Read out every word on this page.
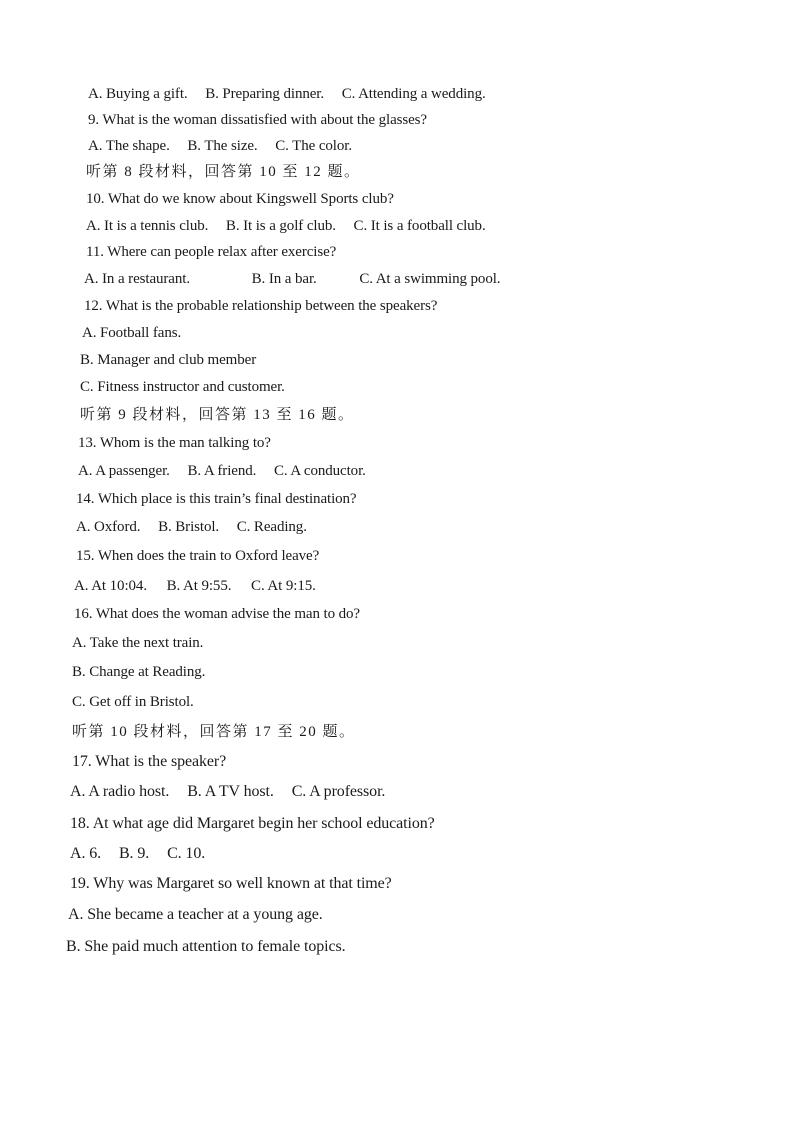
A. Buying a gift. B. Preparing dinner. C. Attending a wedding.
9. What is the woman dissatisfied with about the glasses?
A. The shape. B. The size. C. The color.
听第 8 段材料，回答第 10 至 12 题。
10. What do we know about Kingswell Sports club?
A. It is a tennis club. B. It is a golf club. C. It is a football club.
11. Where can people relax after exercise?
A. In a restaurant.	B. In a bar.	C. At a swimming pool.
12. What is the probable relationship between the speakers?
A. Football fans.
B. Manager and club member
C. Fitness instructor and customer.
听第 9 段材料，回答第 13 至 16 题。
13. Whom is the man talking to?
A. A passenger. B. A friend. C. A conductor.
14. Which place is this train’s final destination?
A. Oxford. B. Bristol. C. Reading.
15. When does the train to Oxford leave?
A. At 10:04. B. At 9:55. C. At 9:15.
16. What does the woman advise the man to do?
A. Take the next train.
B. Change at Reading.
C. Get off in Bristol.
听第 10 段材料，回答第 17 至 20 题。
17. What is the speaker?
A. A radio host. B. A TV host. C. A professor.
18. At what age did Margaret begin her school education?
A. 6. B. 9. C. 10.
19. Why was Margaret so well known at that time?
A. She became a teacher at a young age.
B. She paid much attention to female topics.
